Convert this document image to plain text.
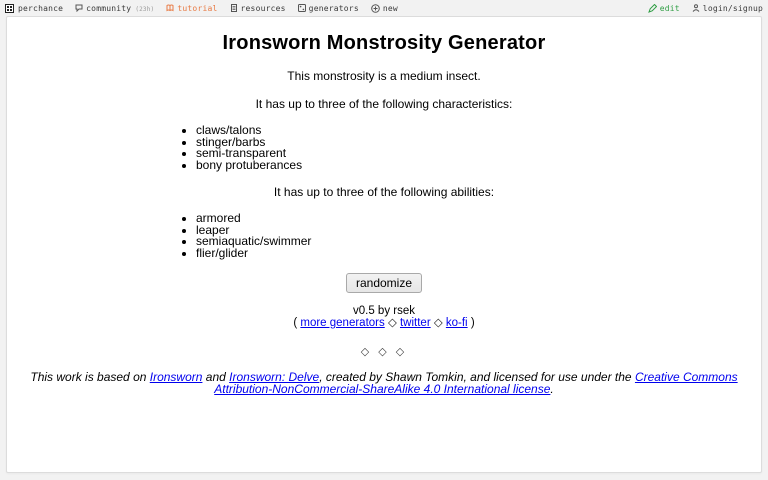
perchance	community (23h)	tutorial	resources	generators	new	edit	login/signup
Ironsworn Monstrosity Generator

This monstrosity is a medium insect.

It has up to three of the following characteristics:

• claws/talons
• stinger/barbs
• semi-transparent
• bony protuberances

It has up to three of the following abilities:

• armored
• leaper
• semiaquatic/swimmer
• flier/glider
randomize
v0.5 by rsek
( more generators ◇ twitter ◇ ko-fi )
◇ ◇ ◇

This work is based on Ironsworn and Ironsworn: Delve, created by Shawn Tomkin, and licensed for use under the Creative Commons Attribution-NonCommercial-ShareAlike 4.0 International license.
